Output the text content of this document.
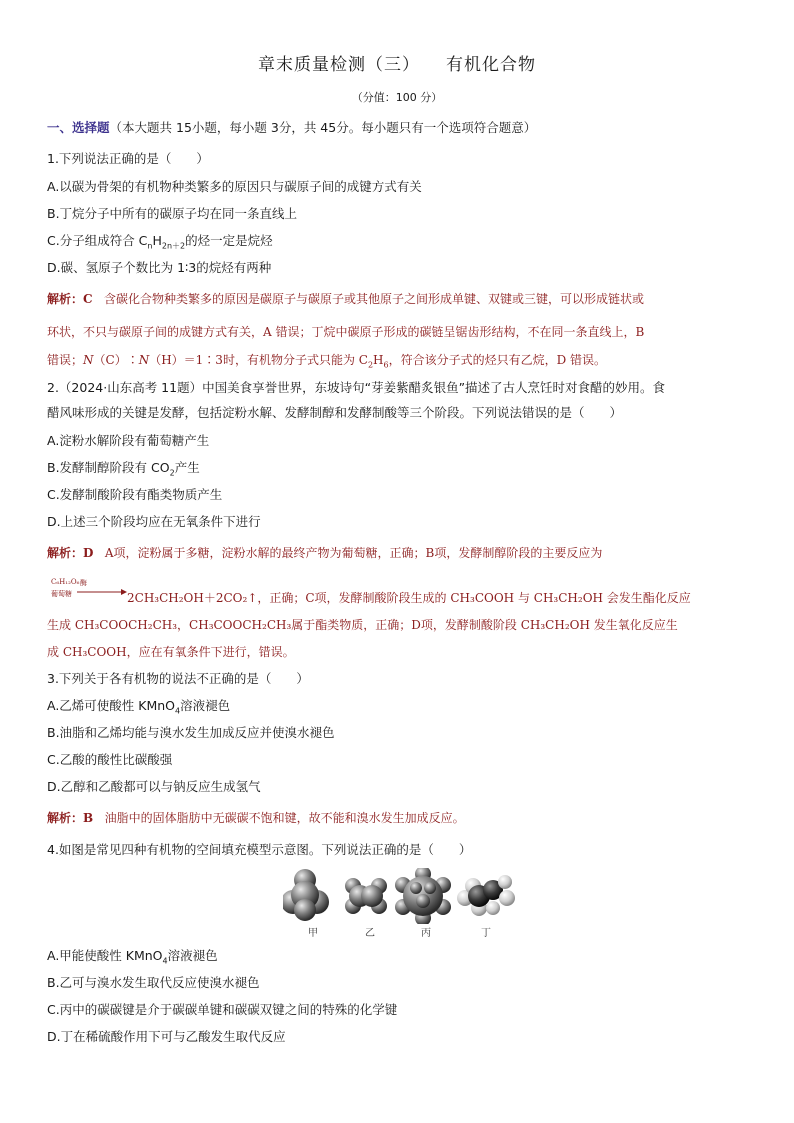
章末质量检测（三） 有机化合物
（分值：100 分）
一、选择题（本大题共 15小题，每小题 3分，共 45分。每小题只有一个选项符合题意）
1.下列说法正确的是（　　）
A.以碳为骨架的有机物种类繁多的原因只与碳原子间的成键方式有关
B.丁烷分子中所有的碳原子均在同一条直线上
C.分子组成符合 $C_nH_{2n+2}$的烃一定是烷烃
D.碳、氢原子个数比为 1∶3的烷烃有两种
解析：C 含碳化合物种类繁多的原因是碳原子与碳原子或其他原子之间形成单键、双键或三键，可以形成链状或
环状，不只与碳原子间的成键方式有关，A 错误；丁烷中碳原子形成的碳链呈锯齿形结构，不在同一条直线上，B
错误；N（C）∶N（H）＝1∶3时，有机物分子式只能为 $C_2H_6$，符合该分子式的烃只有乙烷，D 错误。
2.（2024·山东高考 11题）中国美食享誉世界，东坡诗句“芽姜紫醋炙银鱼”描述了古人烹饪时对食醋的妙用。食
醋风味形成的关键是发酵，包括淀粉水解、发酵制醇和发酵制酸等三个阶段。下列说法错误的是（　　）
A.淀粉水解阶段有葡萄糖产生
B.发酵制醇阶段有 $CO_2$产生
C.发酵制酸阶段有酯类物质产生
D.上述三个阶段均应在无氧条件下进行
解析：D A项，淀粉属于多糖，淀粉水解的最终产物为葡萄糖，正确；B项，发酵制醇阶段的主要反应为
C₆H₁₂O₆ 酶
葡萄糖	2CH₃CH₂OH＋2CO₂↑，正确；C项，发酵制酸阶段生成的 CH₃COOH 与 CH₃CH₂OH 会发生酯化反应
生成 CH₃COOCH₂CH₃，CH₃COOCH₂CH₃属于酯类物质，正确；D项，发酵制酸阶段 CH₃CH₂OH 发生氧化反应生
成 CH₃COOH，应在有氧条件下进行，错误。
3.下列关于各有机物的说法不正确的是（　　）
A.乙烯可使酸性 KMnO$_4$溶液褪色
B.油脂和乙烯均能与溴水发生加成反应并使溴水褪色
C.乙酸的酸性比碳酸强
D.乙醇和乙酸都可以与钠反应生成氢气
解析：B 油脂中的固体脂肪中无碳碳不饱和键，故不能和溴水发生加成反应。
4.如图是常见四种有机物的空间填充模型示意图。下列说法正确的是（　　）
甲	乙	丙	丁
A.甲能使酸性 KMnO$_4$溶液褪色
B.乙可与溴水发生取代反应使溴水褪色
C.丙中的碳碳键是介于碳碳单键和碳碳双键之间的特殊的化学键
D.丁在稀硫酸作用下可与乙酸发生取代反应
